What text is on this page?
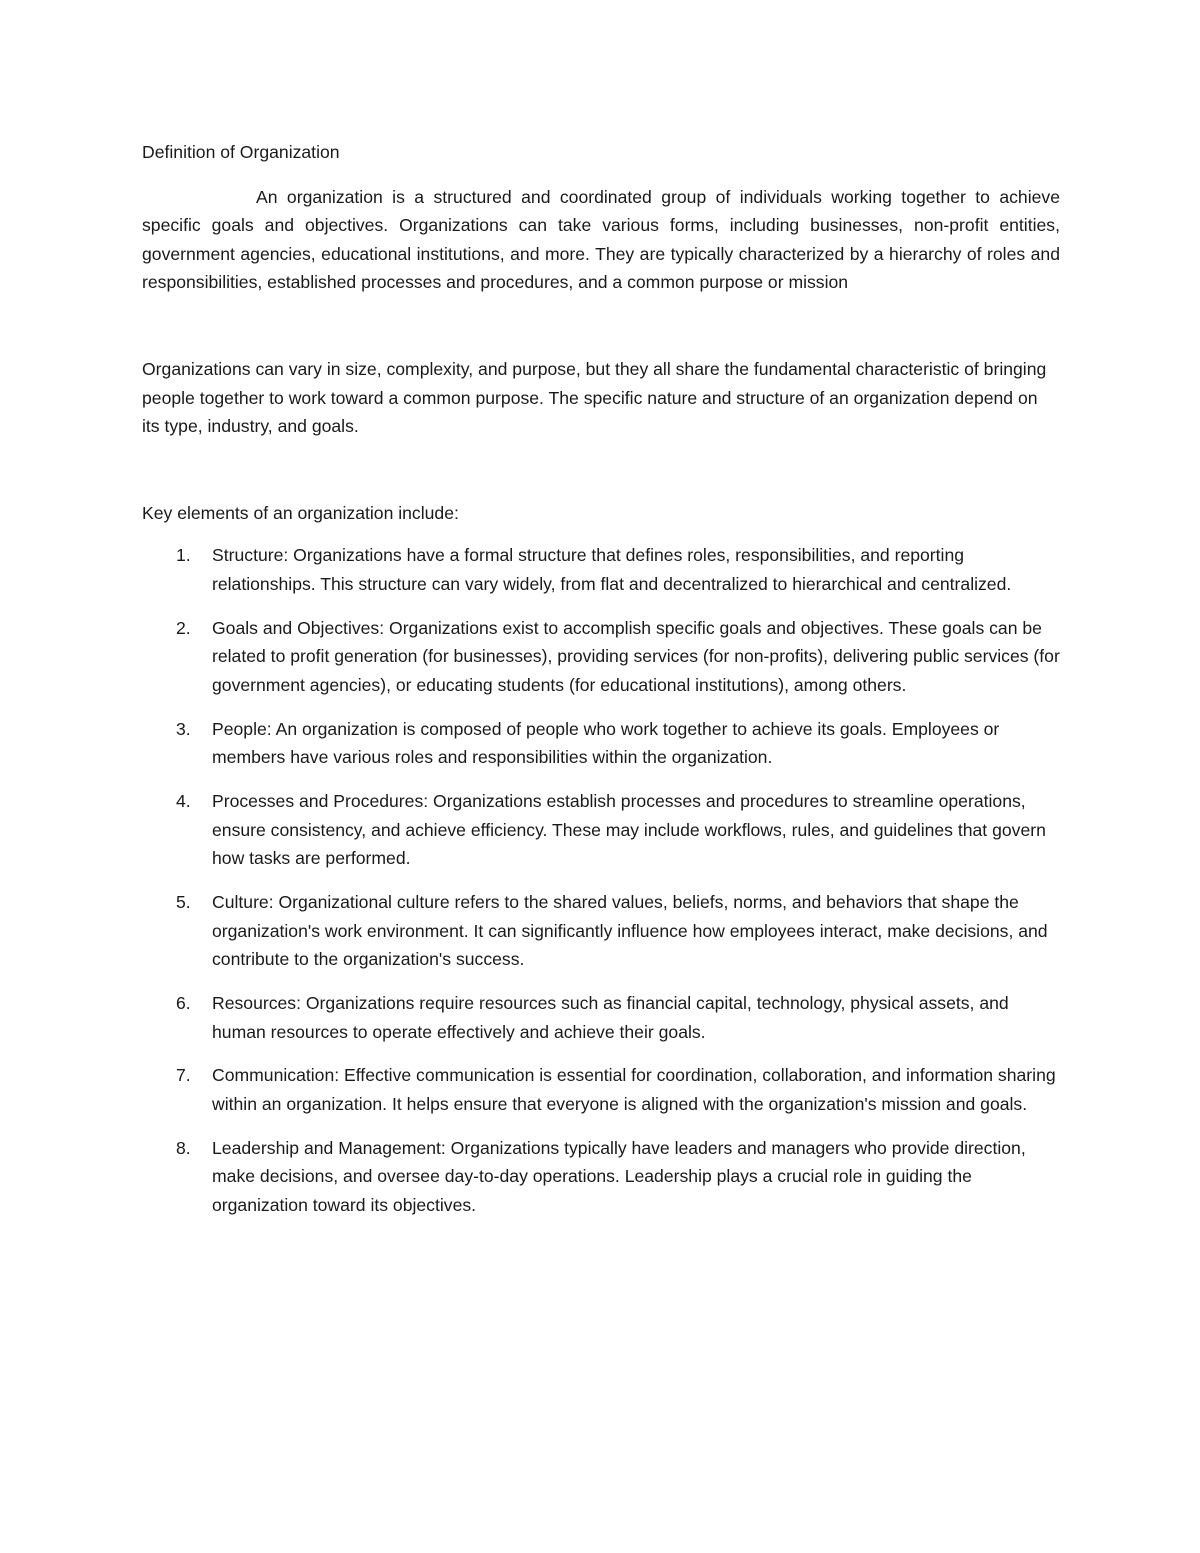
Definition of Organization

An organization is a structured and coordinated group of individuals working together to achieve specific goals and objectives. Organizations can take various forms, including businesses, non-profit entities, government agencies, educational institutions, and more. They are typically characterized by a hierarchy of roles and responsibilities, established processes and procedures, and a common purpose or mission

Organizations can vary in size, complexity, and purpose, but they all share the fundamental characteristic of bringing people together to work toward a common purpose. The specific nature and structure of an organization depend on its type, industry, and goals.

Key elements of an organization include:

1. Structure: Organizations have a formal structure that defines roles, responsibilities, and reporting relationships. This structure can vary widely, from flat and decentralized to hierarchical and centralized.
2. Goals and Objectives: Organizations exist to accomplish specific goals and objectives. These goals can be related to profit generation (for businesses), providing services (for non-profits), delivering public services (for government agencies), or educating students (for educational institutions), among others.
3. People: An organization is composed of people who work together to achieve its goals. Employees or members have various roles and responsibilities within the organization.
4. Processes and Procedures: Organizations establish processes and procedures to streamline operations, ensure consistency, and achieve efficiency. These may include workflows, rules, and guidelines that govern how tasks are performed.
5. Culture: Organizational culture refers to the shared values, beliefs, norms, and behaviors that shape the organization's work environment. It can significantly influence how employees interact, make decisions, and contribute to the organization's success.
6. Resources: Organizations require resources such as financial capital, technology, physical assets, and human resources to operate effectively and achieve their goals.
7. Communication: Effective communication is essential for coordination, collaboration, and information sharing within an organization. It helps ensure that everyone is aligned with the organization's mission and goals.
8. Leadership and Management: Organizations typically have leaders and managers who provide direction, make decisions, and oversee day-to-day operations. Leadership plays a crucial role in guiding the organization toward its objectives.
